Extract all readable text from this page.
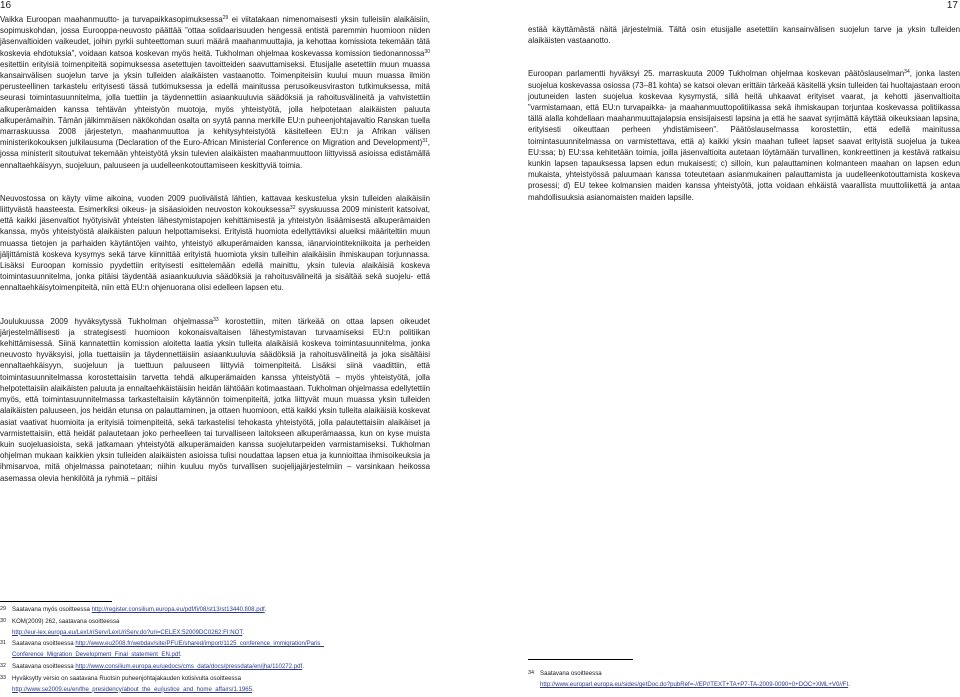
16	17

Vaikka Euroopan maahanmuutto- ja turvapaikkasopimuksessa$^{29}$ ei viitatakaan nimenomaisesti yksin tulleisiin alaikäisiin, sopimuskohdan, jossa Eurooppa-neuvosto päättää ”ottaa solidaarisuuden hengessä entistä paremmin huomioon niiden jäsenvaltioiden vaikeudet, joihin pyrkii suhteettoman suuri määrä maahanmuuttajia, ja kehottaa komissiota tekemään tätä koskevia ehdotuksia”, voidaan katsoa koskevan myös heitä. Tukholman ohjelmaa koskevassa komission tiedonannossa$^{30}$ esitettiin erityisiä toimenpiteitä sopimuksessa asetettujen tavoitteiden saavuttamiseksi. Etusijalle asetettiin muun muassa kansainvälisen suojelun tarve ja yksin tulleiden alaikäisten vastaanotto. Toimenpiteisiin kuului muun muassa ilmiön perusteellinen tarkastelu erityisesti tässä tutkimuksessa ja edellä mainitussa perusoikeusviraston tutkimuksessa, mitä seurasi toimintasuunnitelma, jolla tuettiin ja täydennettiin asiaankuuluvia säädöksiä ja rahoitusvälineitä ja vahvistettiin alkuperämaiden kanssa tehtävän yhteistyön muotoja, myös yhteistyötä, jolla helpotetaan alaikäisten paluuta alkuperämaihin. Tämän jälkimmäisen näkökohdan osalta on syytä panna merkille EU:n puheenjohtajavaltio Ranskan tuella marraskuussa 2008 järjestetyn, maahanmuuttoa ja kehitysyhteistyötä käsitelleen EU:n ja Afrikan välisen ministerikokouksen julkilausuma (Declaration of the Euro-African Ministerial Conference on Migration and Development)$^{31}$, jossa ministerit sitoutuivat tekemään yhteistyötä yksin tulevien alaikäisten maahanmuuttoon liittyvissä asioissa edistämällä ennaltaehkäisyyn, suojeluun, paluuseen ja uudelleenkotouttamiseen keskittyviä toimia.

Neuvostossa on käyty viime aikoina, vuoden 2009 puolivälistä lähtien, kattavaa keskustelua yksin tulleiden alaikäisiin liittyvästä haasteesta. Esimerkiksi oikeus- ja sisäasioiden neuvoston kokouksessa$^{32}$ syyskuussa 2009 ministerit katsoivat, että kaikki jäsenvaltiot hyötyisivät yhteisten lähestymistapojen kehittämisestä ja yhteistyön lisäämisestä alkuperämaiden kanssa, myös yhteistyöstä alaikäisten paluun helpottamiseksi. Erityistä huomiota edellyttäviksi alueiksi määriteltiin muun muassa tietojen ja parhaiden käytäntöjen vaihto, yhteistyö alkuperämaiden kanssa, iänarviointitekniikoita ja perheiden jäljittämistä koskeva kysymys sekä tarve kiinnittää erityistä huomiota yksin tulleihin alaikäisiin ihmiskaupan torjunnassa. Lisäksi Euroopan komissio pyydettiin erityisesti esittelemään edellä mainittu, yksin tulevia alaikäisiä koskeva toimintasuunnitelma, jonka pitäisi täydentää asiaankuuluvia säädöksiä ja rahoitusvälineitä ja sisältää sekä suojelu- että ennaltaehkäisytoimenpiteitä, niin että EU:n ohjenuorana olisi edelleen lapsen etu.

Joulukuussa 2009 hyväksytyssä Tukholman ohjelmassa$^{33}$ korostettiin, miten tärkeää on ottaa lapsen oikeudet järjestelmällisesti ja strategisesti huomioon kokonaisvaltaisen lähestymistavan turvaamiseksi EU:n politiikan kehittämisessä. Siinä kannatettiin komission aloitetta laatia yksin tulleita alaikäisiä koskeva toimintasuunnitelma, jonka neuvosto hyväksyisi, jolla tuettaisiin ja täydennettäisiin asiaankuuluvia säädöksiä ja rahoitusvälineitä ja joka sisältäisi ennaltaehkäisyyn, suojeluun ja tuettuun paluuseen liittyviä toimenpiteitä. Lisäksi siinä vaadittiin, että toimintasuunnitelmassa korostettaisiin tarvetta tehdä alkuperämaiden kanssa yhteistyötä – myös yhteistyötä, jolla helpotettaisiin alaikäisten paluuta ja ennaltaehkäistäisiin heidän lähtöään kotimaastaan. Tukholman ohjelmassa edellytettiin myös, että toimintasuunnitelmassa tarkasteltaisiin käytännön toimenpiteitä, jotka liittyvät muun muassa yksin tulleiden alaikäisten paluuseen, jos heidän etunsa on palauttaminen, ja ottaen huomioon, että kaikki yksin tulleita alaikäisiä koskevat asiat vaativat huomioita ja erityisiä toimenpiteitä, sekä tarkastelisi tehokasta yhteistyötä, jolla palautettaisiin alaikäiset ja varmistettaisiin, että heidät palautetaan joko perheelleen tai turvalliseen laitokseen alkuperämaassa, kun on kyse muista kuin suojeluasioista, sekä jatkamaan yhteistyötä alkuperämaiden kanssa suojelutarpeiden varmistamiseksi. Tukholman ohjelman mukaan kaikkien yksin tulleiden alaikäisten asioissa tulisi noudattaa lapsen etua ja kunnioittaa ihmisoikeuksia ja ihmisarvoa, mitä ohjelmassa painotetaan; niihin kuuluu myös turvallisen suojelijajärjestelmiin – varsinkaan heikossa asemassa olevia henkilöitä ja ryhmiä – pitäisi

estää käyttämästä näitä järjestelmiä. Tältä osin etusijalle asetettiin kansainvälisen suojelun tarve ja yksin tulleiden alaikäisten vastaanotto.

Euroopan parlamentti hyväksyi 25. marraskuuta 2009 Tukholman ohjelmaa koskevan päätöslauselman$^{34}$, jonka lasten suojelua koskevassa osiossa (73–81 kohta) se katsoi olevan erittäin tärkeää käsitellä yksin tulleiden tai huoltajastaan eroon joutuneiden lasten suojelua koskevaa kysymystä, sillä heitä uhkaavat erityiset vaarat, ja kehotti jäsenvaltioita ”varmistamaan, että EU:n turvapaikka- ja maahanmuuttopolitiikassa sekä ihmiskaupan torjuntaa koskevassa politiikassa tällä alalla kohdellaan maahanmuuttajalapsia ensisijaisesti lapsina ja että he saavat syrjimättä käyttää oikeuksiaan lapsina, erityisesti oikeuttaan perheen yhdistämiseen”. Päätöslauselmassa korostettiin, että edellä mainitussa toimintasuunnitelmassa on varmistettava, että a) kaikki yksin maahan tulleet lapset saavat erityistä suojelua ja tukea EU:ssa; b) EU:ssa kehitetään toimia, joilla jäsenvaltioita autetaan löytämään turvallinen, konkreettinen ja kestävä ratkaisu kunkin lapsen tapauksessa lapsen edun mukaisesti; c) silloin, kun palauttaminen kolmanteen maahan on lapsen edun mukaista, yhteistyössä paluumaan kanssa toteutetaan asianmukainen palauttamista ja uudelleenkotouttamista koskeva prosessi; d) EU tekee kolmansien maiden kanssa yhteistyötä, jotta voidaan ehkäistä vaarallista muuttoliikettä ja antaa mahdollisuuksia asianomaisten maiden lapsille.

29 Saatavana myös osoitteessa http://register.consilium.europa.eu/pdf/fi/08/st13/st13440.fi08.pdf.
30 KOM(2009) 262, saatavana osoitteessa
http://eur-lex.europa.eu/LexUriServ/LexUriServ.do?uri=CELEX:52009DC0262:FI:NOT.
31 Saatavana osoitteessa http://www.eu2008.fr/webdav/site/PFUE/shared/import/1125_conference_immigration/Paris_
Conference_Migration_Development_Final_statement_EN.pdf.
32 Saatavana osoitteessa http://www.consilium.europa.eu/uedocs/cms_data/docs/pressdata/en/jha/110272.pdf.
33 Hyväksytty versio on saatavana Ruotsin puheenjohtajakauden kotisivulta osoitteessa
http://www.se2009.eu/en/the_presidency/about_the_eu/justice_and_home_affairs/1.1965.
34 Saatavana osoitteessa
http://www.europarl.europa.eu/sides/getDoc.do?pubRef=-//EP//TEXT+TA+P7-TA-2009-0090+0+DOC+XML+V0//FI.
